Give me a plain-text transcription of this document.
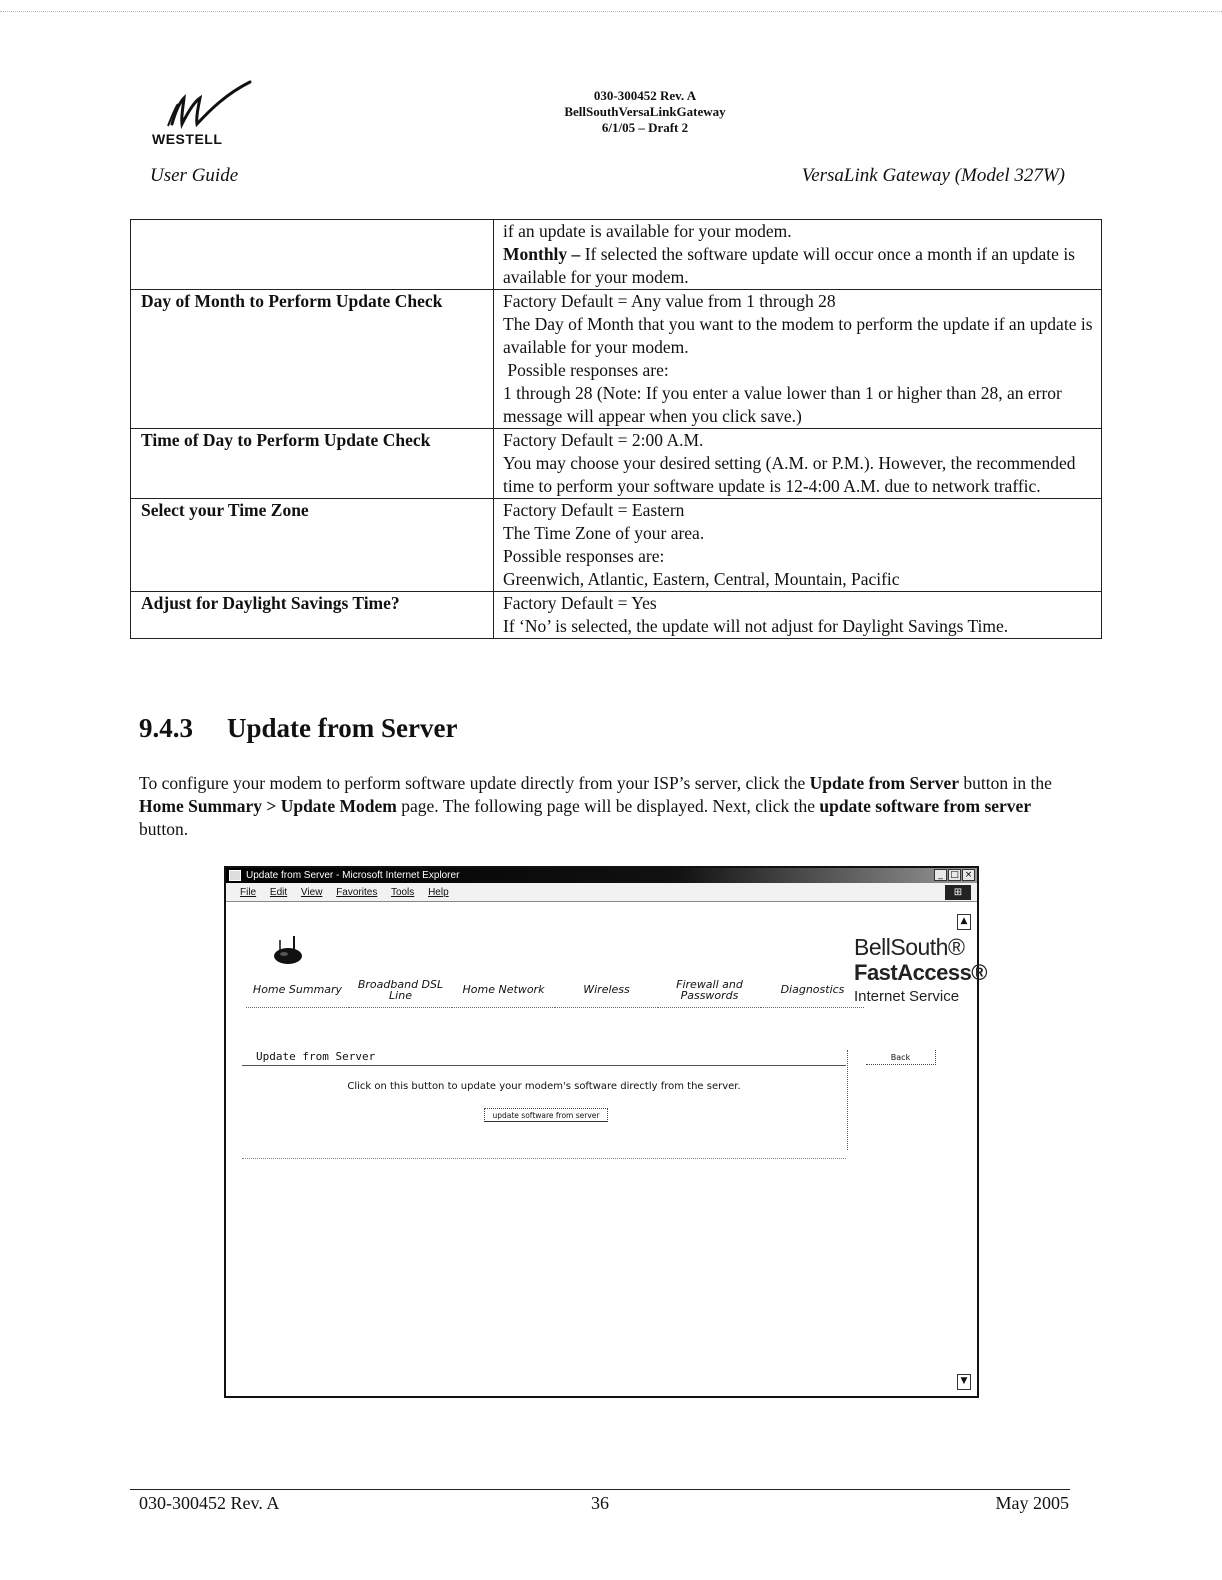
WESTELL
030-300452 Rev. A
BellSouthVersaLinkGateway
6/1/05 – Draft 2
User Guide	VersaLink Gateway (Model 327W)

	if an update is available for your modem.
Monthly – If selected the software update will occur once a month if an update is available for your modem.

Day of Month to Perform Update Check	Factory Default = Any value from 1 through 28
The Day of Month that you want to the modem to perform the update if an update is available for your modem.
Possible responses are:
1 through 28 (Note: If you enter a value lower than 1 or higher than 28, an error message will appear when you click save.)

Time of Day to Perform Update Check	Factory Default = 2:00 A.M.
You may choose your desired setting (A.M. or P.M.). However, the recommended time to perform your software update is 12-4:00 A.M. due to network traffic.

Select your Time Zone	Factory Default = Eastern
The Time Zone of your area.
Possible responses are:
Greenwich, Atlantic, Eastern, Central, Mountain, Pacific

Adjust for Daylight Savings Time?	Factory Default = Yes
If ‘No’ is selected, the update will not adjust for Daylight Savings Time.
9.4.3 Update from Server
To configure your modem to perform software update directly from your ISP’s server, click the Update from Server button in the Home Summary > Update Modem page. The following page will be displayed. Next, click the update software from server button.
Update from Server - Microsoft Internet Explorer	_ □ ×
File Edit View Favorites Tools Help	⊞
▲
▼
Home Summary	Broadband DSL Line	Home Network	Wireless	Firewall and Passwords	Diagnostics
BellSouth®
FastAccess®
Internet Service
Update from Server
Click on this button to update your modem's software directly from the server.
update software from server
Back
030-300452 Rev. A	36	May 2005
